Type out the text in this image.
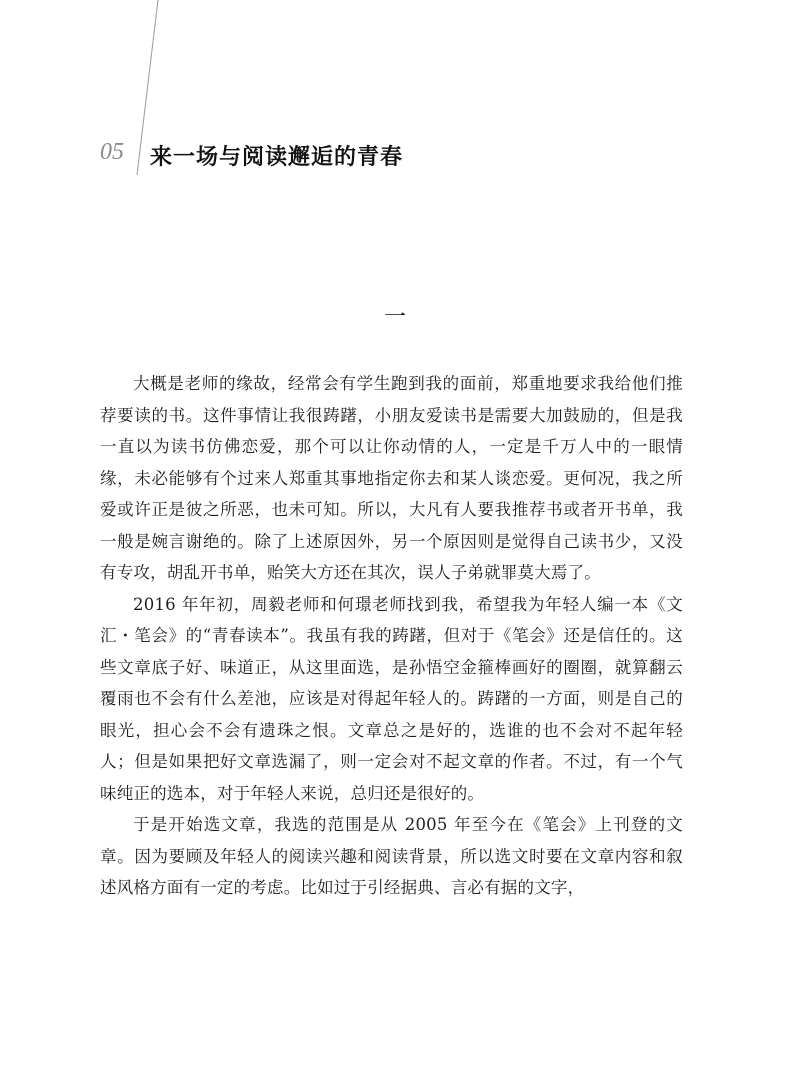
05 来一场与阅读邂逅的青春
一

大概是老师的缘故，经常会有学生跑到我的面前，郑重地要求我给他们推荐要读的书。这件事情让我很踌躇，小朋友爱读书是需要大加鼓励的，但是我一直以为读书仿佛恋爱，那个可以让你动情的人，一定是千万人中的一眼情缘，未必能够有个过来人郑重其事地指定你去和某人谈恋爱。更何况，我之所爱或许正是彼之所恶，也未可知。所以，大凡有人要我推荐书或者开书单，我一般是婉言谢绝的。除了上述原因外，另一个原因则是觉得自己读书少，又没有专攻，胡乱开书单，贻笑大方还在其次，误人子弟就罪莫大焉了。

2016 年年初，周毅老师和何璟老师找到我，希望我为年轻人编一本《文汇・笔会》的“青春读本”。我虽有我的踌躇，但对于《笔会》还是信任的。这些文章底子好、味道正，从这里面选，是孙悟空金箍棒画好的圈圈，就算翻云覆雨也不会有什么差池，应该是对得起年轻人的。踌躇的一方面，则是自己的眼光，担心会不会有遗珠之恨。文章总之是好的，选谁的也不会对不起年轻人；但是如果把好文章选漏了，则一定会对不起文章的作者。不过，有一个气味纯正的选本，对于年轻人来说，总归还是很好的。

于是开始选文章，我选的范围是从 2005 年至今在《笔会》上刊登的文章。因为要顾及年轻人的阅读兴趣和阅读背景，所以选文时要在文章内容和叙述风格方面有一定的考虑。比如过于引经据典、言必有据的文字，
